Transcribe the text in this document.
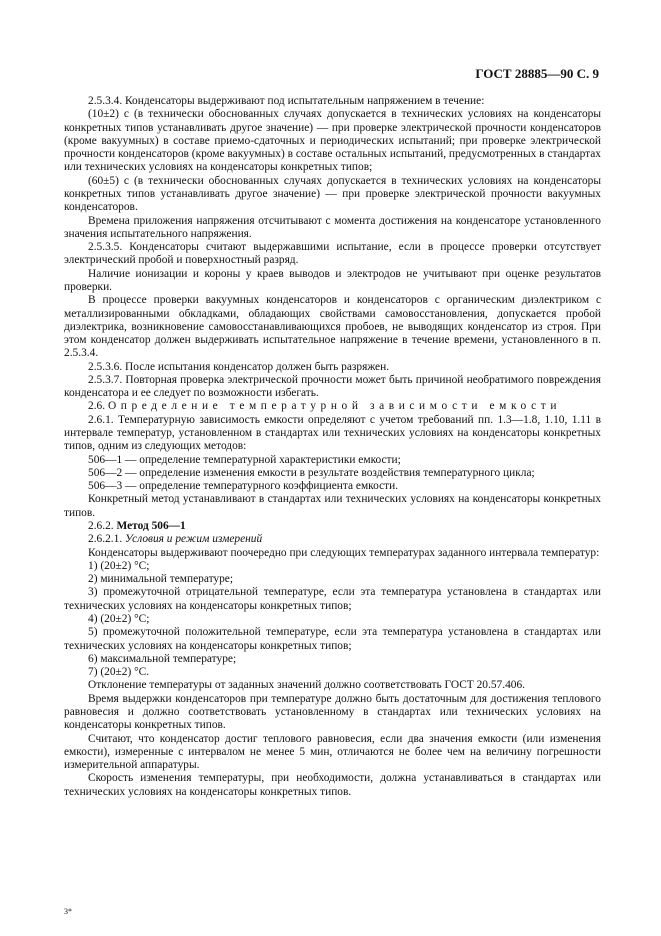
ГОСТ 28885—90 С. 9

2.5.3.4. Конденсаторы выдерживают под испытательным напряжением в течение:

(10±2) с (в технически обоснованных случаях допускается в технических условиях на конденсаторы конкретных типов устанавливать другое значение) — при проверке электрической прочности конденсаторов (кроме вакуумных) в составе приемо-сдаточных и периодических испытаний; при проверке электрической прочности конденсаторов (кроме вакуумных) в составе остальных испытаний, предусмотренных в стандартах или технических условиях на конденсаторы конкретных типов;

(60±5) с (в технически обоснованных случаях допускается в технических условиях на конденсаторы конкретных типов устанавливать другое значение) — при проверке электрической прочности вакуумных конденсаторов.

Времена приложения напряжения отсчитывают с момента достижения на конденсаторе установленного значения испытательного напряжения.

2.5.3.5. Конденсаторы считают выдержавшими испытание, если в процессе проверки отсутствует электрический пробой и поверхностный разряд.

Наличие ионизации и короны у краев выводов и электродов не учитывают при оценке результатов проверки.

В процессе проверки вакуумных конденсаторов и конденсаторов с органическим диэлектриком с металлизированными обкладками, обладающих свойствами самовосстановления, допускается пробой диэлектрика, возникновение самовосстанавливающихся пробоев, не выводящих конденсатор из строя. При этом конденсатор должен выдерживать испытательное напряжение в течение времени, установленного в п. 2.5.3.4.

2.5.3.6. После испытания конденсатор должен быть разряжен.

2.5.3.7. Повторная проверка электрической прочности может быть причиной необратимого повреждения конденсатора и ее следует по возможности избегать.

2.6. Определение температурной зависимости емкости

2.6.1. Температурную зависимость емкости определяют с учетом требований пп. 1.3—1.8, 1.10, 1.11 в интервале температур, установленном в стандартах или технических условиях на конденсаторы конкретных типов, одним из следующих методов:

506—1 — определение температурной характеристики емкости;

506—2 — определение изменения емкости в результате воздействия температурного цикла;

506—3 — определение температурного коэффициента емкости.

Конкретный метод устанавливают в стандартах или технических условиях на конденсаторы конкретных типов.

2.6.2. Метод 506—1

2.6.2.1. Условия и режим измерений

Конденсаторы выдерживают поочередно при следующих температурах заданного интервала температур:

1) (20±2) °С;

2) минимальной температуре;

3) промежуточной отрицательной температуре, если эта температура установлена в стандартах или технических условиях на конденсаторы конкретных типов;

4) (20±2) °С;

5) промежуточной положительной температуре, если эта температура установлена в стандартах или технических условиях на конденсаторы конкретных типов;

6) максимальной температуре;

7) (20±2) °С.

Отклонение температуры от заданных значений должно соответствовать ГОСТ 20.57.406.

Время выдержки конденсаторов при температуре должно быть достаточным для достижения теплового равновесия и должно соответствовать установленному в стандартах или технических условиях на конденсаторы конкретных типов.

Считают, что конденсатор достиг теплового равновесия, если два значения емкости (или изменения емкости), измеренные с интервалом не менее 5 мин, отличаются не более чем на величину погрешности измерительной аппаратуры.

Скорость изменения температуры, при необходимости, должна устанавливаться в стандартах или технических условиях на конденсаторы конкретных типов.

3*
